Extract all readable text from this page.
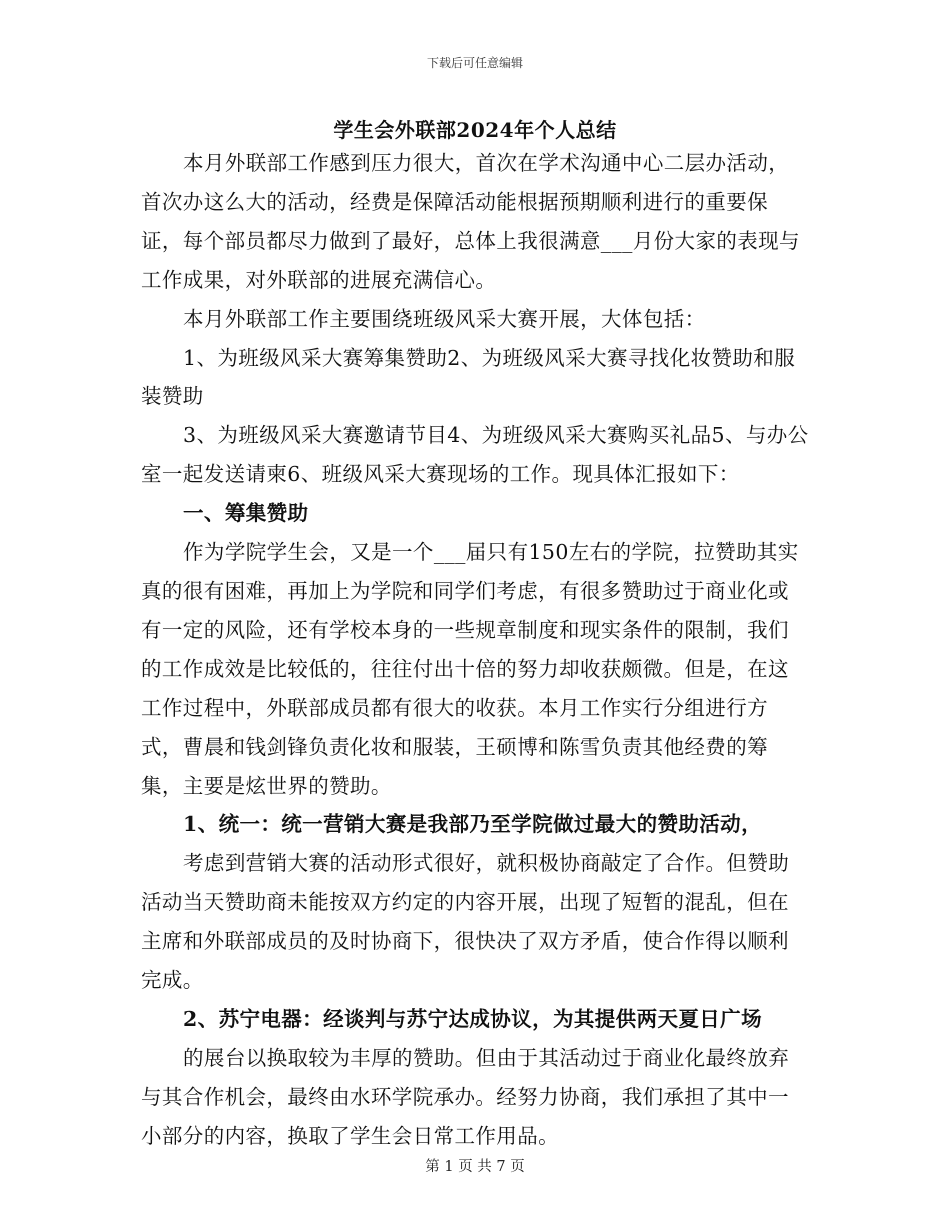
下载后可任意编辑
学生会外联部2024年个人总结

本月外联部工作感到压力很大，首次在学术沟通中心二层办活动，首次办这么大的活动，经费是保障活动能根据预期顺利进行的重要保证，每个部员都尽力做到了最好，总体上我很满意___月份大家的表现与工作成果，对外联部的进展充满信心。

本月外联部工作主要围绕班级风采大赛开展，大体包括：

1、为班级风采大赛筹集赞助2、为班级风采大赛寻找化妆赞助和服装赞助

3、为班级风采大赛邀请节目4、为班级风采大赛购买礼品5、与办公室一起发送请柬6、班级风采大赛现场的工作。现具体汇报如下：

一、筹集赞助

作为学院学生会，又是一个___届只有150左右的学院，拉赞助其实真的很有困难，再加上为学院和同学们考虑，有很多赞助过于商业化或有一定的风险，还有学校本身的一些规章制度和现实条件的限制，我们的工作成效是比较低的，往往付出十倍的努力却收获颇微。但是，在这工作过程中，外联部成员都有很大的收获。本月工作实行分组进行方式，曹晨和钱剑锋负责化妆和服装，王硕博和陈雪负责其他经费的筹集，主要是炫世界的赞助。

1、统一：统一营销大赛是我部乃至学院做过最大的赞助活动，

考虑到营销大赛的活动形式很好，就积极协商敲定了合作。但赞助活动当天赞助商未能按双方约定的内容开展，出现了短暂的混乱，但在主席和外联部成员的及时协商下，很快决了双方矛盾，使合作得以顺利完成。

2、苏宁电器：经谈判与苏宁达成协议，为其提供两天夏日广场

的展台以换取较为丰厚的赞助。但由于其活动过于商业化最终放弃与其合作机会，最终由水环学院承办。经努力协商，我们承担了其中一小部分的内容，换取了学生会日常工作用品。

第 1 页 共 7 页
